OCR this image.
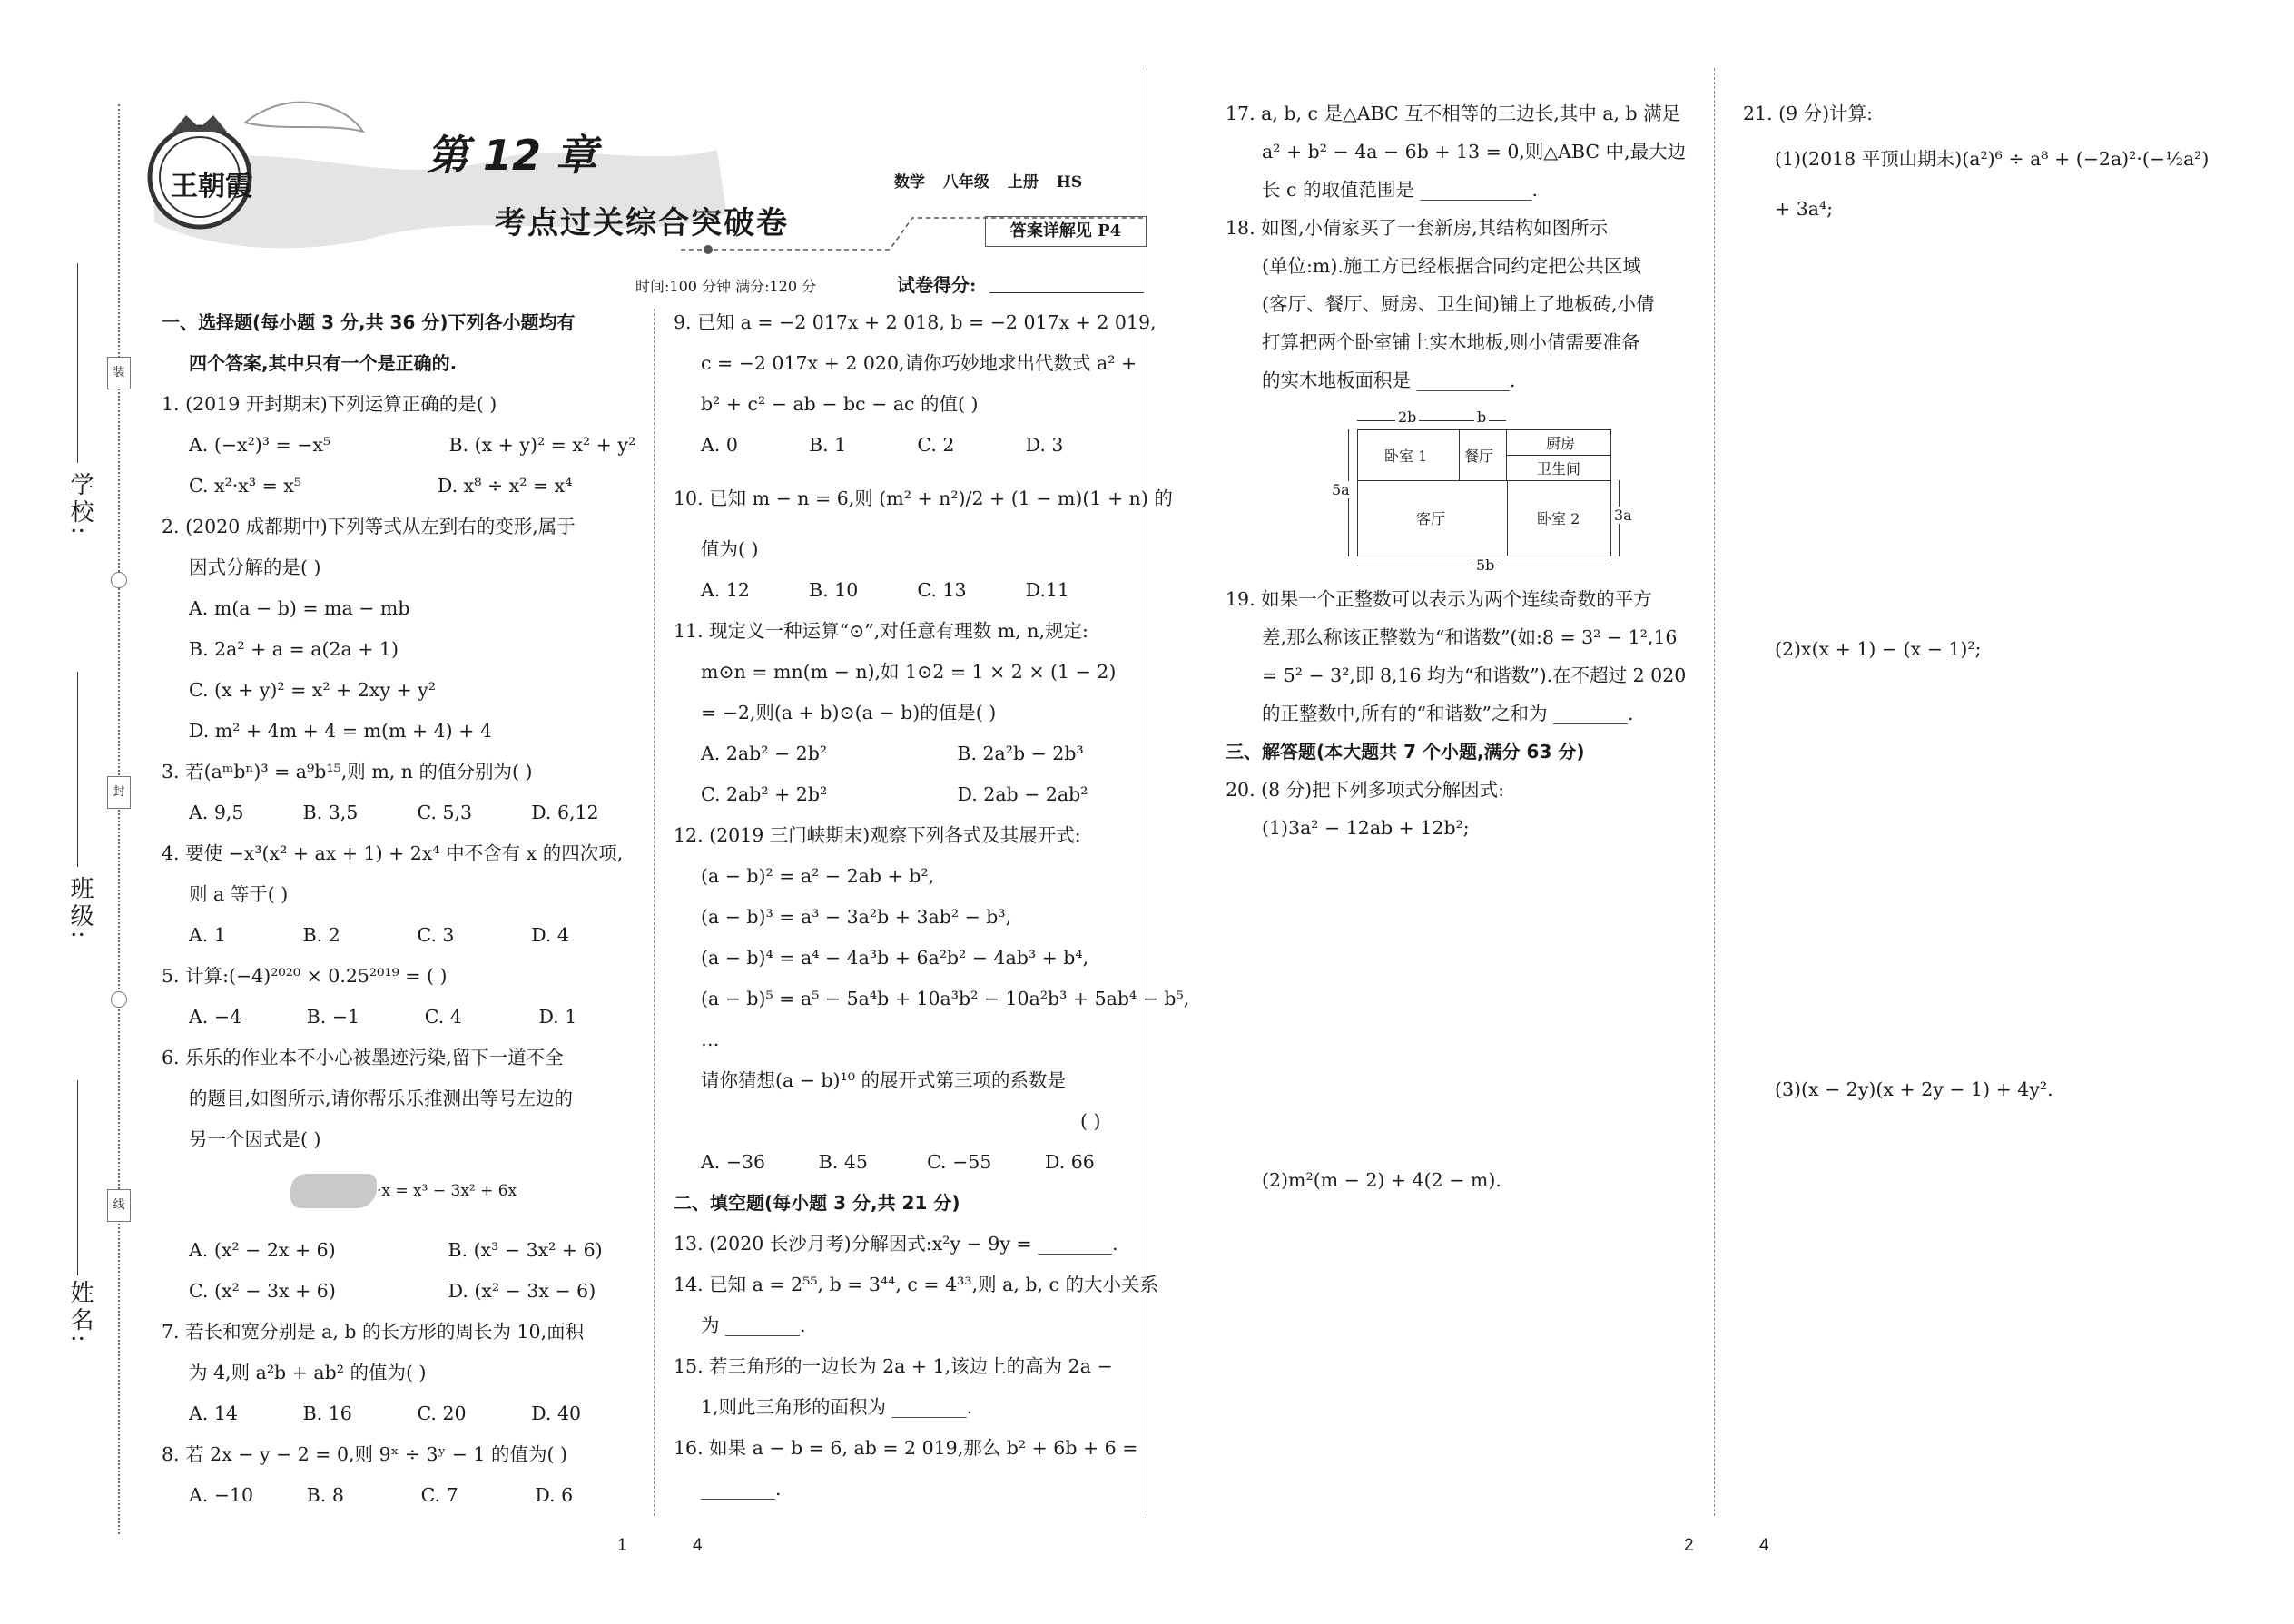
王朝霞
第 12 章
考点过关综合突破卷
数学 八年级 上册 HS
答案详解见 P4
时间:100 分钟 满分:120 分	试卷得分:
学校:
班级:
姓名:
装
封
线
一、选择题(每小题 3 分,共 36 分)下列各小题均有
四个答案,其中只有一个是正确的.
1. (2019 开封期末)下列运算正确的是( )
A. (−x²)³ = −x⁵                    B. (x + y)² = x² + y²
C. x²·x³ = x⁵                       D. x⁸ ÷ x² = x⁴
2. (2020 成都期中)下列等式从左到右的变形,属于
因式分解的是( )
A. m(a − b) = ma − mb
B. 2a² + a = a(2a + 1)
C. (x + y)² = x² + 2xy + y²
D. m² + 4m + 4 = m(m + 4) + 4
3. 若(aᵐbⁿ)³ = a⁹b¹⁵,则 m, n 的值分别为( )
A. 9,5          B. 3,5          C. 5,3          D. 6,12
4. 要使 −x³(x² + ax + 1) + 2x⁴ 中不含有 x 的四次项,
则 a 等于( )
A. 1             B. 2             C. 3             D. 4
5. 计算:(−4)²⁰²⁰ × 0.25²⁰¹⁹ = ( )
A. −4           B. −1           C. 4             D. 1
6. 乐乐的作业本不小心被墨迹污染,留下一道不全
的题目,如图所示,请你帮乐乐推测出等号左边的
另一个因式是( )
·x = x³ − 3x² + 6x
A. (x² − 2x + 6)                   B. (x³ − 3x² + 6)
C. (x² − 3x + 6)                   D. (x² − 3x − 6)
7. 若长和宽分别是 a, b 的长方形的周长为 10,面积
为 4,则 a²b + ab² 的值为( )
A. 14           B. 16           C. 20           D. 40
8. 若 2x − y − 2 = 0,则 9ˣ ÷ 3ʸ − 1 的值为( )
A. −10         B. 8             C. 7             D. 6
9. 已知 a = −2 017x + 2 018, b = −2 017x + 2 019,
c = −2 017x + 2 020,请你巧妙地求出代数式 a² +
b² + c² − ab − bc − ac 的值( )
A. 0            B. 1            C. 2            D. 3
10. 已知 m − n = 6,则 (m² + n²)/2 + (1 − m)(1 + n) 的
值为( )
A. 12          B. 10          C. 13          D.11
11. 现定义一种运算“⊙”,对任意有理数 m, n,规定:
m⊙n = mn(m − n),如 1⊙2 = 1 × 2 × (1 − 2)
= −2,则(a + b)⊙(a − b)的值是( )
A. 2ab² − 2b²                      B. 2a²b − 2b³
C. 2ab² + 2b²                      D. 2ab − 2ab²
12. (2019 三门峡期末)观察下列各式及其展开式:
(a − b)² = a² − 2ab + b²,
(a − b)³ = a³ − 3a²b + 3ab² − b³,
(a − b)⁴ = a⁴ − 4a³b + 6a²b² − 4ab³ + b⁴,
(a − b)⁵ = a⁵ − 5a⁴b + 10a³b² − 10a²b³ + 5ab⁴ − b⁵,
…
请你猜想(a − b)¹⁰ 的展开式第三项的系数是
( )
A. −36         B. 45          C. −55         D. 66
二、填空题(每小题 3 分,共 21 分)
13. (2020 长沙月考)分解因式:x²y − 9y = ________.
14. 已知 a = 2⁵⁵, b = 3⁴⁴, c = 4³³,则 a, b, c 的大小关系
为 ________.
15. 若三角形的一边长为 2a + 1,该边上的高为 2a −
1,则此三角形的面积为 ________.
16. 如果 a − b = 6, ab = 2 019,那么 b² + 6b + 6 =
________.
17. a, b, c 是△ABC 互不相等的三边长,其中 a, b 满足
a² + b² − 4a − 6b + 13 = 0,则△ABC 中,最大边
长 c 的取值范围是 ____________.
18. 如图,小倩家买了一套新房,其结构如图所示
(单位:m).施工方已经根据合同约定把公共区域
(客厅、餐厅、厨房、卫生间)铺上了地板砖,小倩
打算把两个卧室铺上实木地板,则小倩需要准备
的实木地板面积是 __________.
2b	b
卧室 1	餐厅
厨房
卫生间
客厅	卧室 2
5a
3a
5b
19. 如果一个正整数可以表示为两个连续奇数的平方
差,那么称该正整数为“和谐数”(如:8 = 3² − 1²,16
= 5² − 3²,即 8,16 均为“和谐数”).在不超过 2 020
的正整数中,所有的“和谐数”之和为 ________.
三、解答题(本大题共 7 个小题,满分 63 分)
20. (8 分)把下列多项式分解因式:
(1)3a² − 12ab + 12b²;
(2)m²(m − 2) + 4(2 − m).
21. (9 分)计算:
(1)(2018 平顶山期末)(a²)⁶ ÷ a⁸ + (−2a)²·(−½a²)
+ 3a⁴;
(2)x(x + 1) − (x − 1)²;
(3)(x − 2y)(x + 2y − 1) + 4y².
1	4	2	4
